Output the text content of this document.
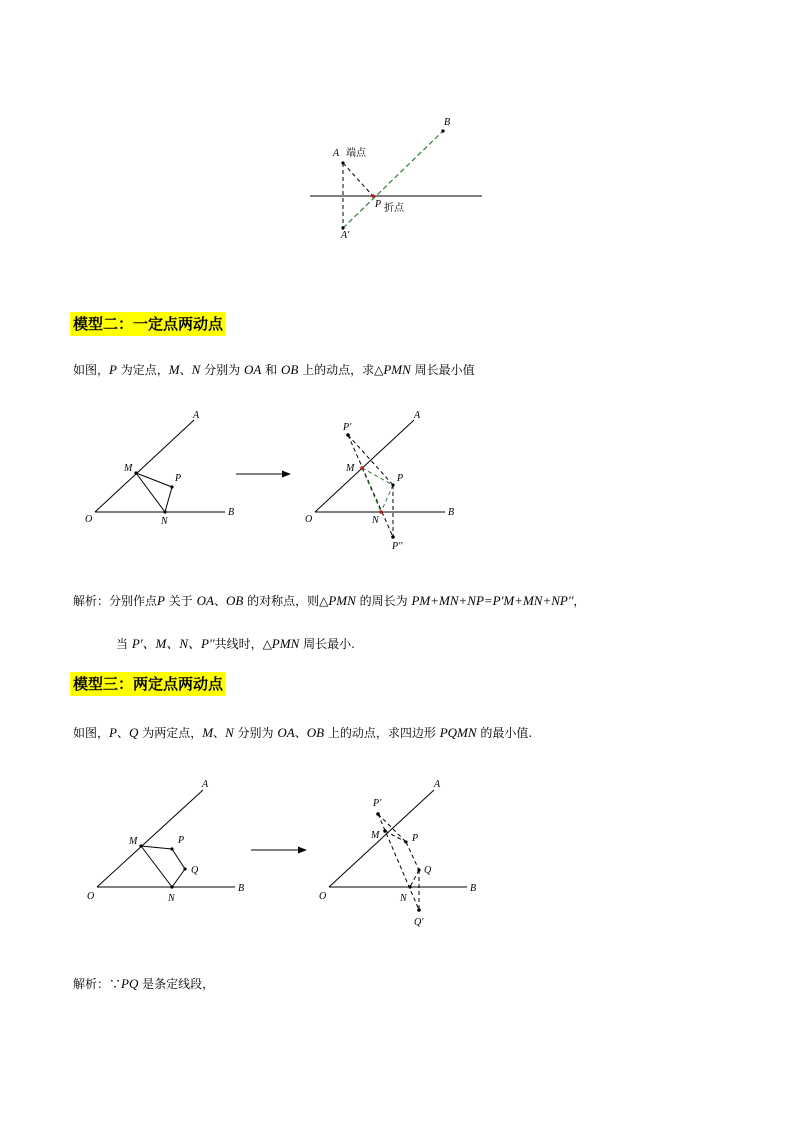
A 端点
B
P 折点
A'
模型二：一定点两动点
如图，P 为定点，M、N 分别为 OA 和 OB 上的动点，求△PMN 周长最小值
A
B
O
M
P
N
A
B
O
M
P
N
P'
P''
解析：分别作点P 关于 OA、OB 的对称点，则△PMN 的周长为 PM+MN+NP=P'M+MN+NP''，
当 P'、M、N、P''共线时，△PMN 周长最小.
模型三：两定点两动点
如图，P、Q 为两定点，M、N 分别为 OA、OB 上的动点，求四边形 PQMN 的最小值.
A
B
O
M	P
Q
N
A
B
O
M	P
Q
N
P'
Q'
解析：∵PQ 是条定线段，
